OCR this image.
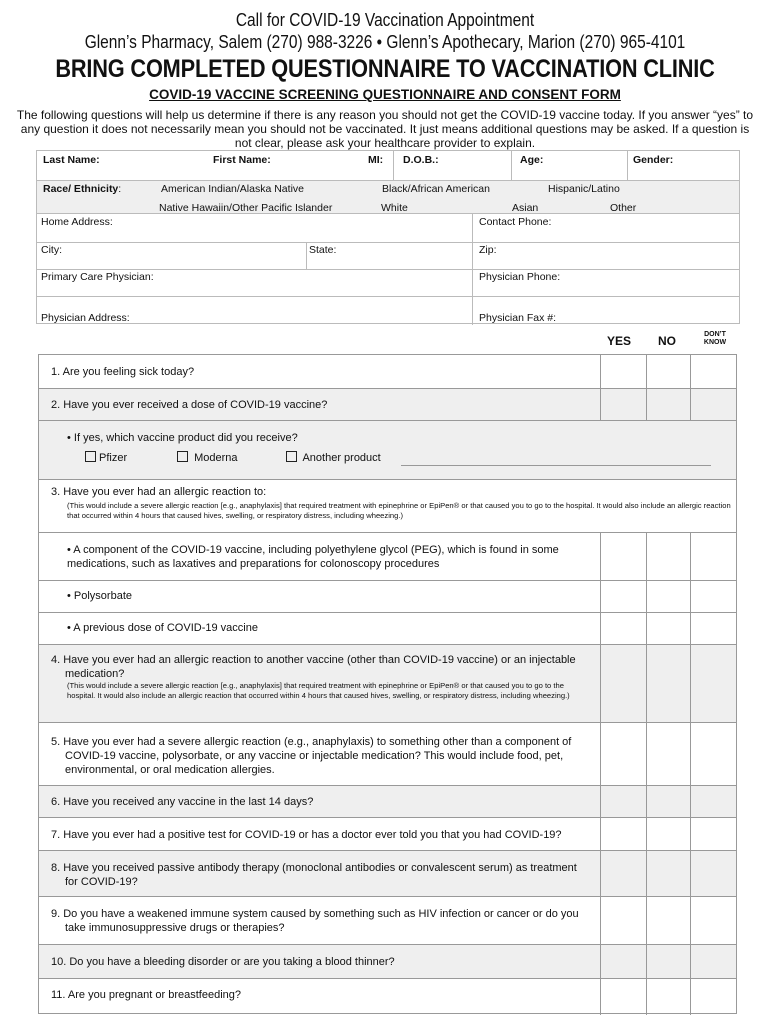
Call for COVID-19 Vaccination Appointment
Glenn’s Pharmacy, Salem (270) 988-3226 • Glenn’s Apothecary, Marion (270) 965-4101
BRING COMPLETED QUESTIONNAIRE TO VACCINATION CLINIC
COVID-19 VACCINE SCREENING QUESTIONNAIRE AND CONSENT FORM
The following questions will help us determine if there is any reason you should not get the COVID-19 vaccine today. If you answer “yes” to any question it does not necessarily mean you should not be vaccinated. It just means additional questions may be asked. If a question is not clear, please ask your healthcare provider to explain.
Last Name:	First Name:	MI: D.O.B.:	Age:	Gender:
Race/ Ethnicity:	American Indian/Alaska Native	Black/African American	Hispanic/Latino
Native Hawaiin/Other Pacific Islander	White	Asian	Other
Home Address:	Contact Phone:
City:	State:	Zip:
Primary Care Physician:	Physician Phone:
Physician Address:	Physician Fax #:
YES NO	DON’T
KNOW
1. Are you feeling sick today?
2. Have you ever received a dose of COVID-19 vaccine?
• If yes, which vaccine product did you receive?
Pfizer	Moderna	Another product
3. Have you ever had an allergic reaction to:
(This would include a severe allergic reaction [e.g., anaphylaxis] that required treatment with epinephrine or EpiPen® or that caused you to go to the hospital. It would also include an allergic reaction that occurred within 4 hours that caused hives, swelling, or respiratory distress, including wheezing.)
• A component of the COVID-19 vaccine, including polyethylene glycol (PEG), which is found in some medications, such as laxatives and preparations for colonoscopy procedures
• Polysorbate
• A previous dose of COVID-19 vaccine
4. Have you ever had an allergic reaction to another vaccine (other than COVID-19 vaccine) or an injectable medication?
(This would include a severe allergic reaction [e.g., anaphylaxis] that required treatment with epinephrine or EpiPen® or that caused you to go to the hospital. It would also include an allergic reaction that occurred within 4 hours that caused hives, swelling, or respiratory distress, including wheezing.)
5. Have you ever had a severe allergic reaction (e.g., anaphylaxis) to something other than a component of COVID-19 vaccine, polysorbate, or any vaccine or injectable medication? This would include food, pet, environmental, or oral medication allergies.
6. Have you received any vaccine in the last 14 days?
7. Have you ever had a positive test for COVID-19 or has a doctor ever told you that you had COVID-19?
8. Have you received passive antibody therapy (monoclonal antibodies or convalescent serum) as treatment for COVID-19?
9. Do you have a weakened immune system caused by something such as HIV infection or cancer or do you take immunosuppressive drugs or therapies?
10. Do you have a bleeding disorder or are you taking a blood thinner?
11. Are you pregnant or breastfeeding?
